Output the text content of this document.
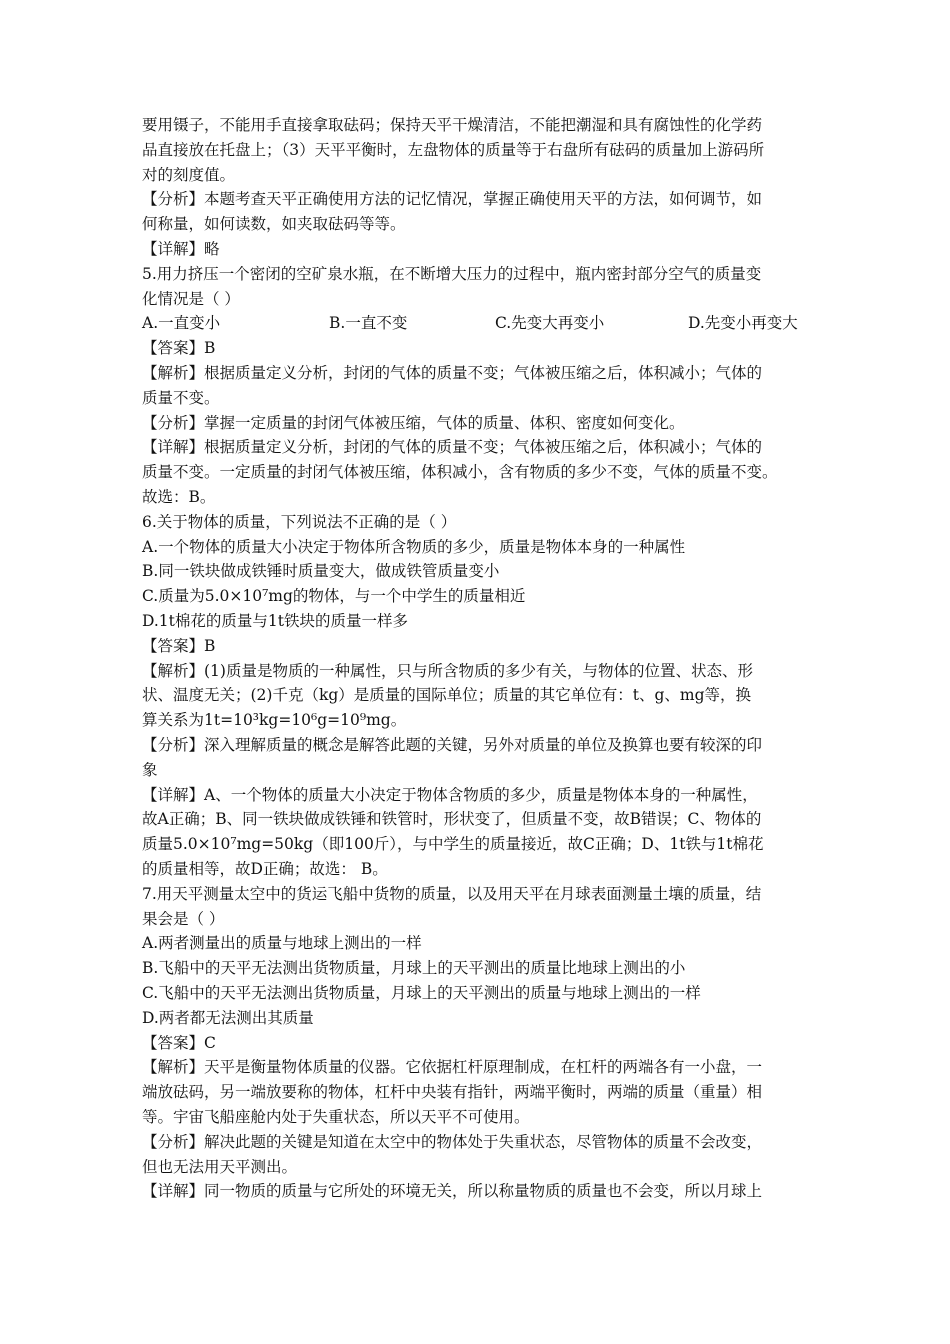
要用镊子，不能用手直接拿取砝码；保持天平干燥清洁，不能把潮湿和具有腐蚀性的化学药
品直接放在托盘上；（3）天平平衡时，左盘物体的质量等于右盘所有砝码的质量加上游码所
对的刻度值。
【分析】本题考查天平正确使用方法的记忆情况，掌握正确使用天平的方法，如何调节，如
何称量，如何读数，如夹取砝码等等。
【详解】略
5.用力挤压一个密闭的空矿泉水瓶，在不断增大压力的过程中，瓶内密封部分空气的质量变
化情况是（ ）
A.一直变小	B.一直不变	C.先变大再变小	D.先变小再变大
【答案】B
【解析】根据质量定义分析，封闭的气体的质量不变；气体被压缩之后，体积减小；气体的
质量不变。
【分析】掌握一定质量的封闭气体被压缩，气体的质量、体积、密度如何变化。
【详解】根据质量定义分析，封闭的气体的质量不变；气体被压缩之后，体积减小；气体的
质量不变。一定质量的封闭气体被压缩，体积减小，含有物质的多少不变，气体的质量不变。
故选：B。
6.关于物体的质量，下列说法不正确的是（ ）
A.一个物体的质量大小决定于物体所含物质的多少，质量是物体本身的一种属性
B.同一铁块做成铁锤时质量变大，做成铁管质量变小
C.质量为5.0×10⁷mg的物体，与一个中学生的质量相近
D.1t棉花的质量与1t铁块的质量一样多
【答案】B
【解析】(1)质量是物质的一种属性，只与所含物质的多少有关，与物体的位置、状态、形
状、温度无关；(2)千克（kg）是质量的国际单位；质量的其它单位有：t、g、mg等，换
算关系为1t=10³kg=10⁶g=10⁹mg。
【分析】深入理解质量的概念是解答此题的关键，另外对质量的单位及换算也要有较深的印
象
【详解】A、一个物体的质量大小决定于物体含物质的多少，质量是物体本身的一种属性，
故A正确；B、同一铁块做成铁锤和铁管时，形状变了，但质量不变，故B错误；C、物体的
质量5.0×10⁷mg=50kg（即100斤），与中学生的质量接近，故C正确；D、1t铁与1t棉花
的质量相等，故D正确；故选： B。
7.用天平测量太空中的货运飞船中货物的质量，以及用天平在月球表面测量土壤的质量，结
果会是（ ）
A.两者测量出的质量与地球上测出的一样
B.飞船中的天平无法测出货物质量，月球上的天平测出的质量比地球上测出的小
C.飞船中的天平无法测出货物质量，月球上的天平测出的质量与地球上测出的一样
D.两者都无法测出其质量
【答案】C
【解析】天平是衡量物体质量的仪器。它依据杠杆原理制成，在杠杆的两端各有一小盘，一
端放砝码，另一端放要称的物体，杠杆中央装有指针，两端平衡时，两端的质量（重量）相
等。宇宙飞船座舱内处于失重状态，所以天平不可使用。
【分析】解决此题的关键是知道在太空中的物体处于失重状态，尽管物体的质量不会改变，
但也无法用天平测出。
【详解】同一物质的质量与它所处的环境无关，所以称量物质的质量也不会变，所以月球上
